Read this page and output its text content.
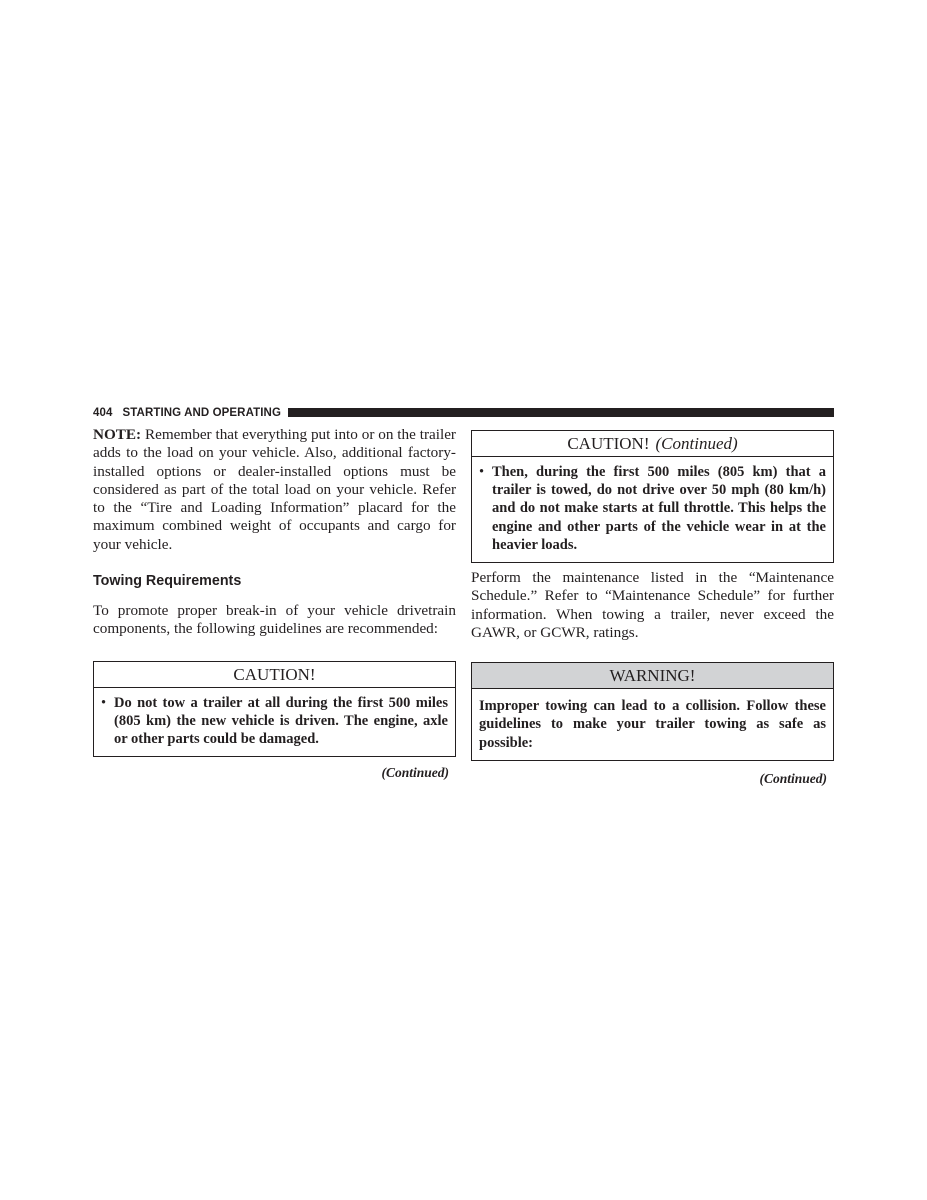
404 STARTING AND OPERATING

NOTE: Remember that everything put into or on the trailer adds to the load on your vehicle. Also, additional factory-installed options or dealer-installed options must be considered as part of the total load on your vehicle. Refer to the “Tire and Loading Information” placard for the maximum combined weight of occupants and cargo for your vehicle.

Towing Requirements

To promote proper break-in of your vehicle drivetrain components, the following guidelines are recommended:

CAUTION!
• Do not tow a trailer at all during the first 500 miles (805 km) the new vehicle is driven. The engine, axle or other parts could be damaged.
(Continued)
CAUTION! (Continued)
• Then, during the first 500 miles (805 km) that a trailer is towed, do not drive over 50 mph (80 km/h) and do not make starts at full throttle. This helps the engine and other parts of the vehicle wear in at the heavier loads.

Perform the maintenance listed in the “Maintenance Schedule.” Refer to “Maintenance Schedule” for further information. When towing a trailer, never exceed the GAWR, or GCWR, ratings.

WARNING!
Improper towing can lead to a collision. Follow these guidelines to make your trailer towing as safe as possible:
(Continued)
